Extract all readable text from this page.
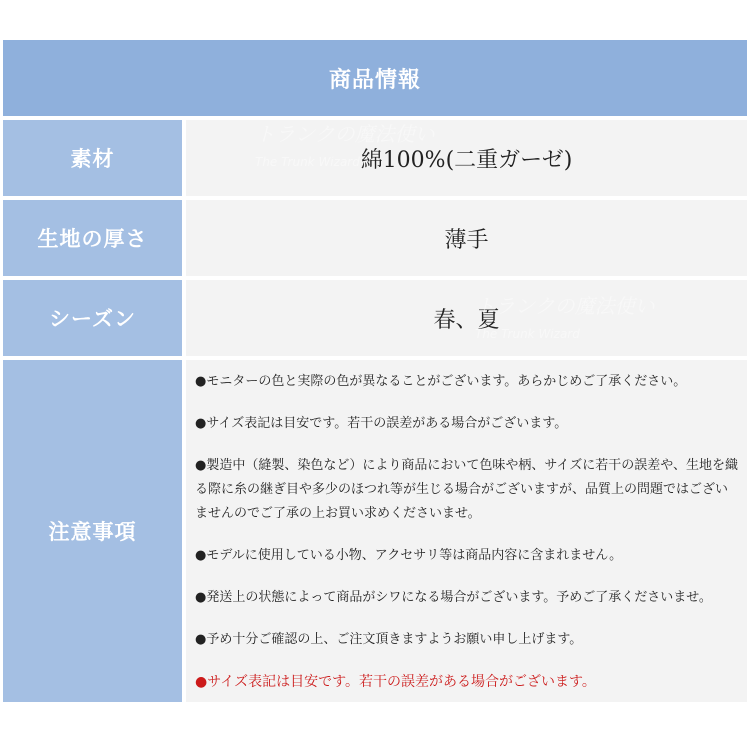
商品情報
素材	綿100%(二重ガーゼ)
生地の厚さ	薄手
シーズン	春、夏
注意事項

●モニターの色と実際の色が異なることがございます。あらかじめご了承ください。

●サイズ表記は目安です。若干の誤差がある場合がございます。

●製造中（縫製、染色など）により商品において色味や柄、サイズに若干の誤差や、生地を織る際に糸の継ぎ目や多少のほつれ等が生じる場合がございますが、品質上の問題ではございませんのでご了承の上お買い求めくださいませ。

●モデルに使用している小物、アクセサリ等は商品内容に含まれません。

●発送上の状態によって商品がシワになる場合がございます。予めご了承くださいませ。

●予め十分ご確認の上、ご注文頂きますようお願い申し上げます。

●サイズ表記は目安です。若干の誤差がある場合がございます。

トランクの魔法使い
The Trunk Wizard
トランクの魔法使い
The Trunk Wizard
